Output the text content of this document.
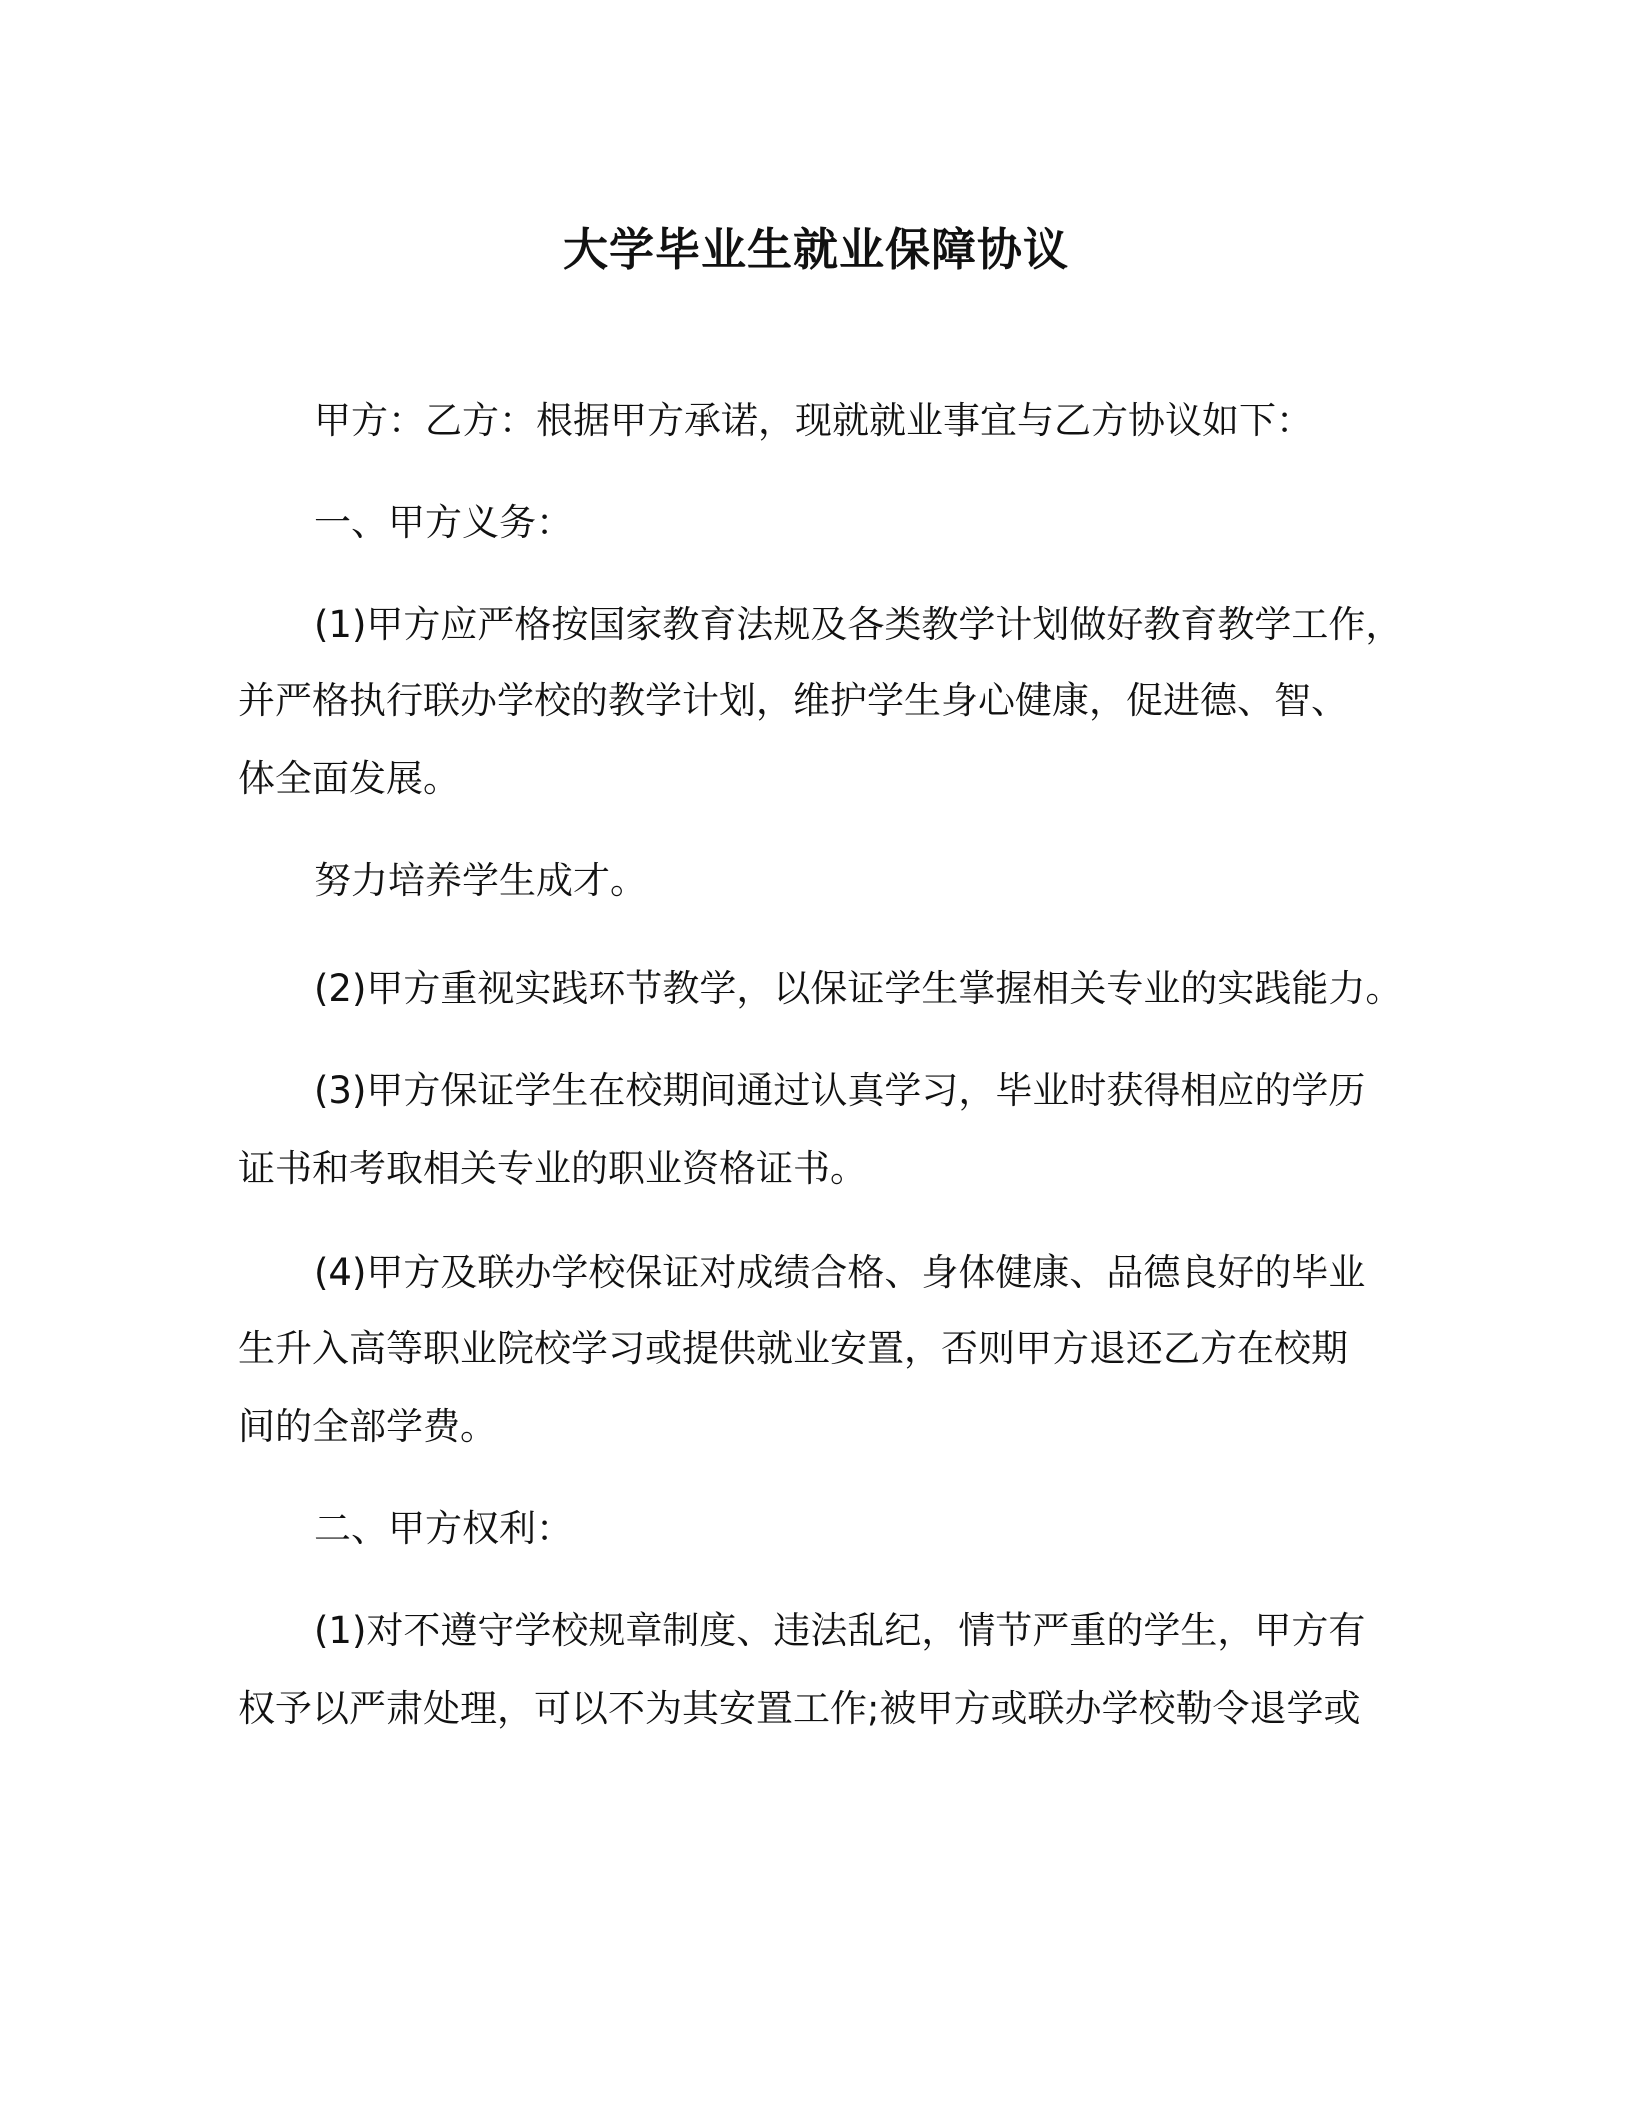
大学毕业生就业保障协议
甲方：乙方：根据甲方承诺，现就就业事宜与乙方协议如下：
一、甲方义务：
(1)甲方应严格按国家教育法规及各类教学计划做好教育教学工作，
并严格执行联办学校的教学计划，维护学生身心健康，促进德、智、
体全面发展。
努力培养学生成才。
(2)甲方重视实践环节教学，以保证学生掌握相关专业的实践能力。
(3)甲方保证学生在校期间通过认真学习，毕业时获得相应的学历
证书和考取相关专业的职业资格证书。
(4)甲方及联办学校保证对成绩合格、身体健康、品德良好的毕业
生升入高等职业院校学习或提供就业安置，否则甲方退还乙方在校期
间的全部学费。
二、甲方权利：
(1)对不遵守学校规章制度、违法乱纪，情节严重的学生，甲方有
权予以严肃处理，可以不为其安置工作;被甲方或联办学校勒令退学或
